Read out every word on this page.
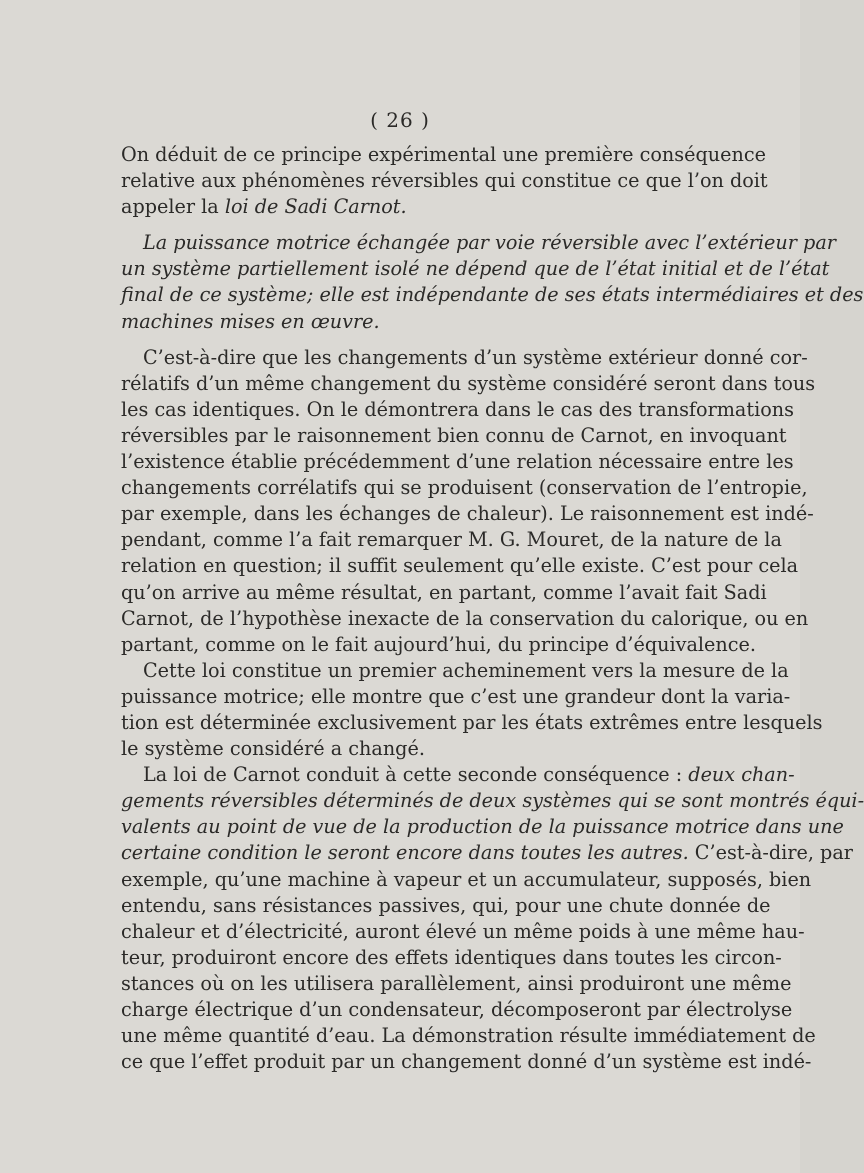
( 26 )
On déduit de ce principe expérimental une première conséquence
relative aux phénomènes réversibles qui constitue ce que l’on doit
appeler la loi de Sadi Carnot.
La puissance motrice échangée par voie réversible avec l’extérieur par
un système partiellement isolé ne dépend que de l’état initial et de l’état
final de ce système; elle est indépendante de ses états intermédiaires et des
machines mises en œuvre.
C’est-à-dire que les changements d’un système extérieur donné cor-
rélatifs d’un même changement du système considéré seront dans tous
les cas identiques. On le démontrera dans le cas des transformations
réversibles par le raisonnement bien connu de Carnot, en invoquant
l’existence établie précédemment d’une relation nécessaire entre les
changements corrélatifs qui se produisent (conservation de l’entropie,
par exemple, dans les échanges de chaleur). Le raisonnement est indé-
pendant, comme l’a fait remarquer M. G. Mouret, de la nature de la
relation en question; il suffit seulement qu’elle existe. C’est pour cela
qu’on arrive au même résultat, en partant, comme l’avait fait Sadi
Carnot, de l’hypothèse inexacte de la conservation du calorique, ou en
partant, comme on le fait aujourd’hui, du principe d’équivalence.
Cette loi constitue un premier acheminement vers la mesure de la
puissance motrice; elle montre que c’est une grandeur dont la varia-
tion est déterminée exclusivement par les états extrêmes entre lesquels
le système considéré a changé.
La loi de Carnot conduit à cette seconde conséquence : deux chan-
gements réversibles déterminés de deux systèmes qui se sont montrés équi-
valents au point de vue de la production de la puissance motrice dans une
certaine condition le seront encore dans toutes les autres. C’est-à-dire, par
exemple, qu’une machine à vapeur et un accumulateur, supposés, bien
entendu, sans résistances passives, qui, pour une chute donnée de
chaleur et d’électricité, auront élevé un même poids à une même hau-
teur, produiront encore des effets identiques dans toutes les circon-
stances où on les utilisera parallèlement, ainsi produiront une même
charge électrique d’un condensateur, décomposeront par électrolyse
une même quantité d’eau. La démonstration résulte immédiatement de
ce que l’effet produit par un changement donné d’un système est indé-
